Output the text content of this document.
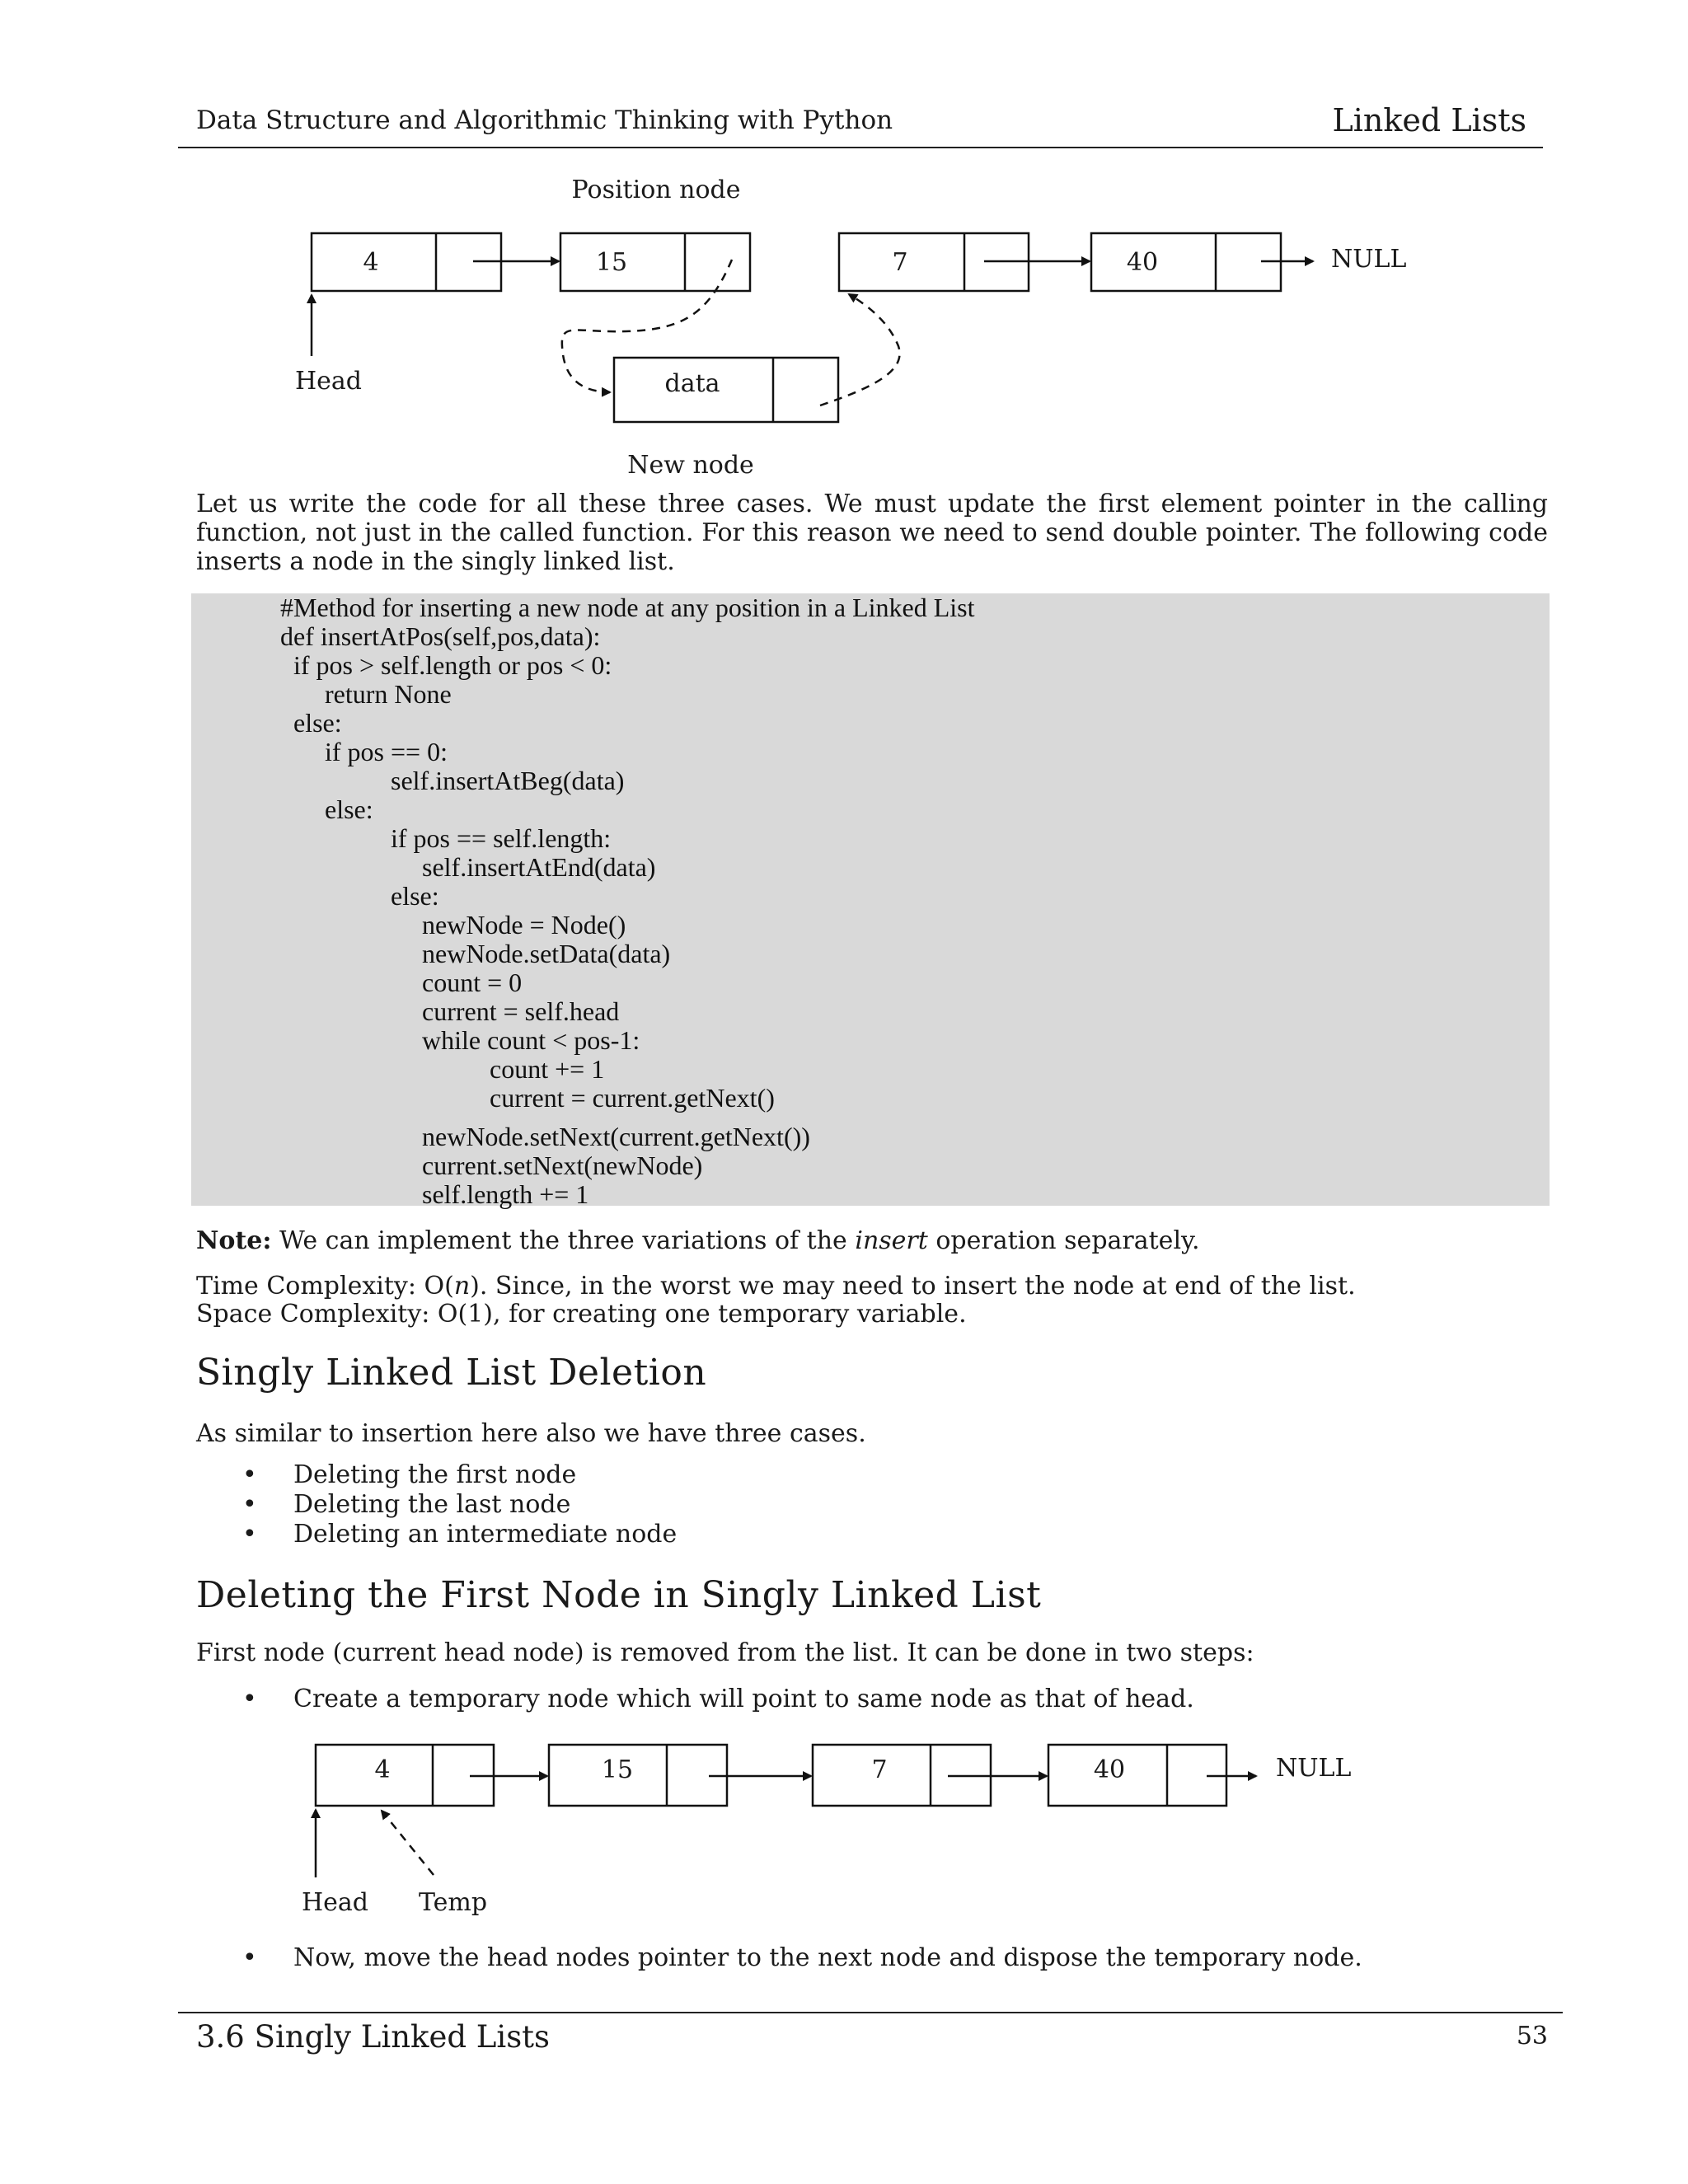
Data Structure and Algorithmic Thinking with Python	Linked Lists
Position node
4	15	7	40	NULL
Head	data
New node
Let us write the code for all these three cases. We must update the first element pointer in the calling function, not just in the called function. For this reason we need to send double pointer. The following code inserts a node in the singly linked list.
#Method for inserting a new node at any position in a Linked List
def insertAtPos(self,pos,data):
if pos > self.length or pos < 0:
return None
else:
if pos == 0:
self.insertAtBeg(data)
else:
if pos == self.length:
self.insertAtEnd(data)
else:
newNode = Node()
newNode.setData(data)
count = 0
current = self.head
while count < pos-1:
count += 1
current = current.getNext()
newNode.setNext(current.getNext())
current.setNext(newNode)
self.length += 1
Note: We can implement the three variations of the insert operation separately.
Time Complexity: O(n). Since, in the worst we may need to insert the node at end of the list.
Space Complexity: O(1), for creating one temporary variable.
Singly Linked List Deletion
As similar to insertion here also we have three cases.
• Deleting the first node
• Deleting the last node
• Deleting an intermediate node
Deleting the First Node in Singly Linked List
First node (current head node) is removed from the list. It can be done in two steps:
• Create a temporary node which will point to same node as that of head.
4	15	7	40	NULL
Head Temp
• Now, move the head nodes pointer to the next node and dispose the temporary node.
3.6 Singly Linked Lists	53
